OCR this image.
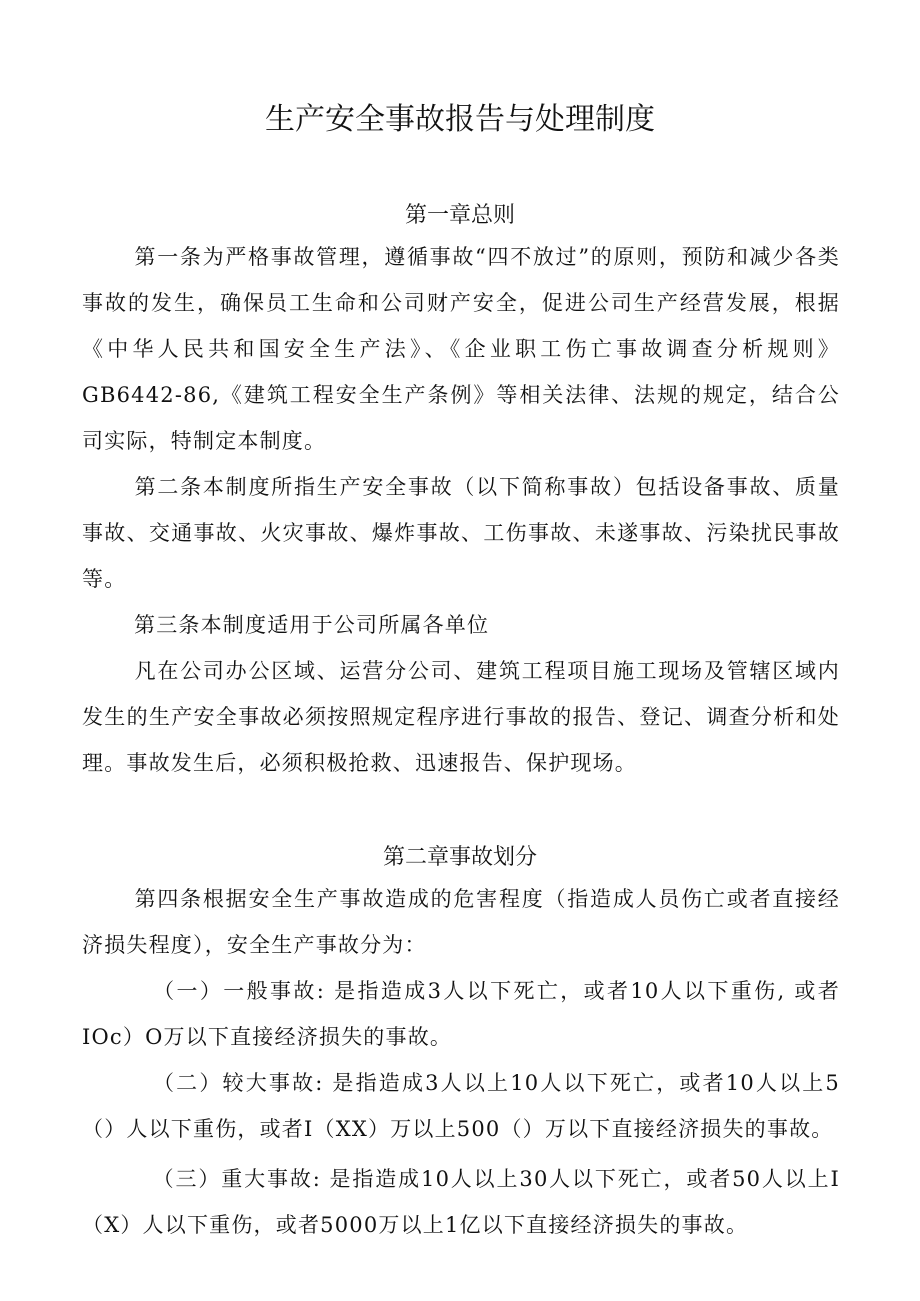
生产安全事故报告与处理制度
第一章总则

第一条为严格事故管理，遵循事故“四不放过”的原则，预防和减少各类事故的发生，确保员工生命和公司财产安全，促进公司生产经营发展，根据《中华人民共和国安全生产法》、《企业职工伤亡事故调查分析规则》GB6442-86,《建筑工程安全生产条例》等相关法律、法规的规定，结合公司实际，特制定本制度。

第二条本制度所指生产安全事故（以下简称事故）包括设备事故、质量事故、交通事故、火灾事故、爆炸事故、工伤事故、未遂事故、污染扰民事故等。

第三条本制度适用于公司所属各单位

凡在公司办公区域、运营分公司、建筑工程项目施工现场及管辖区域内发生的生产安全事故必须按照规定程序进行事故的报告、登记、调查分析和处理。事故发生后，必须积极抢救、迅速报告、保护现场。

第二章事故划分

第四条根据安全生产事故造成的危害程度（指造成人员伤亡或者直接经济损失程度），安全生产事故分为：

（一）一般事故: 是指造成3人以下死亡，或者10人以下重伤, 或者IOc）O万以下直接经济损失的事故。

（二）较大事故: 是指造成3人以上10人以下死亡，或者10人以上5（）人以下重伤，或者I（XX）万以上500（）万以下直接经济损失的事故。

（三）重大事故: 是指造成10人以上30人以下死亡，或者50人以上I（X）人以下重伤，或者5000万以上1亿以下直接经济损失的事故。
